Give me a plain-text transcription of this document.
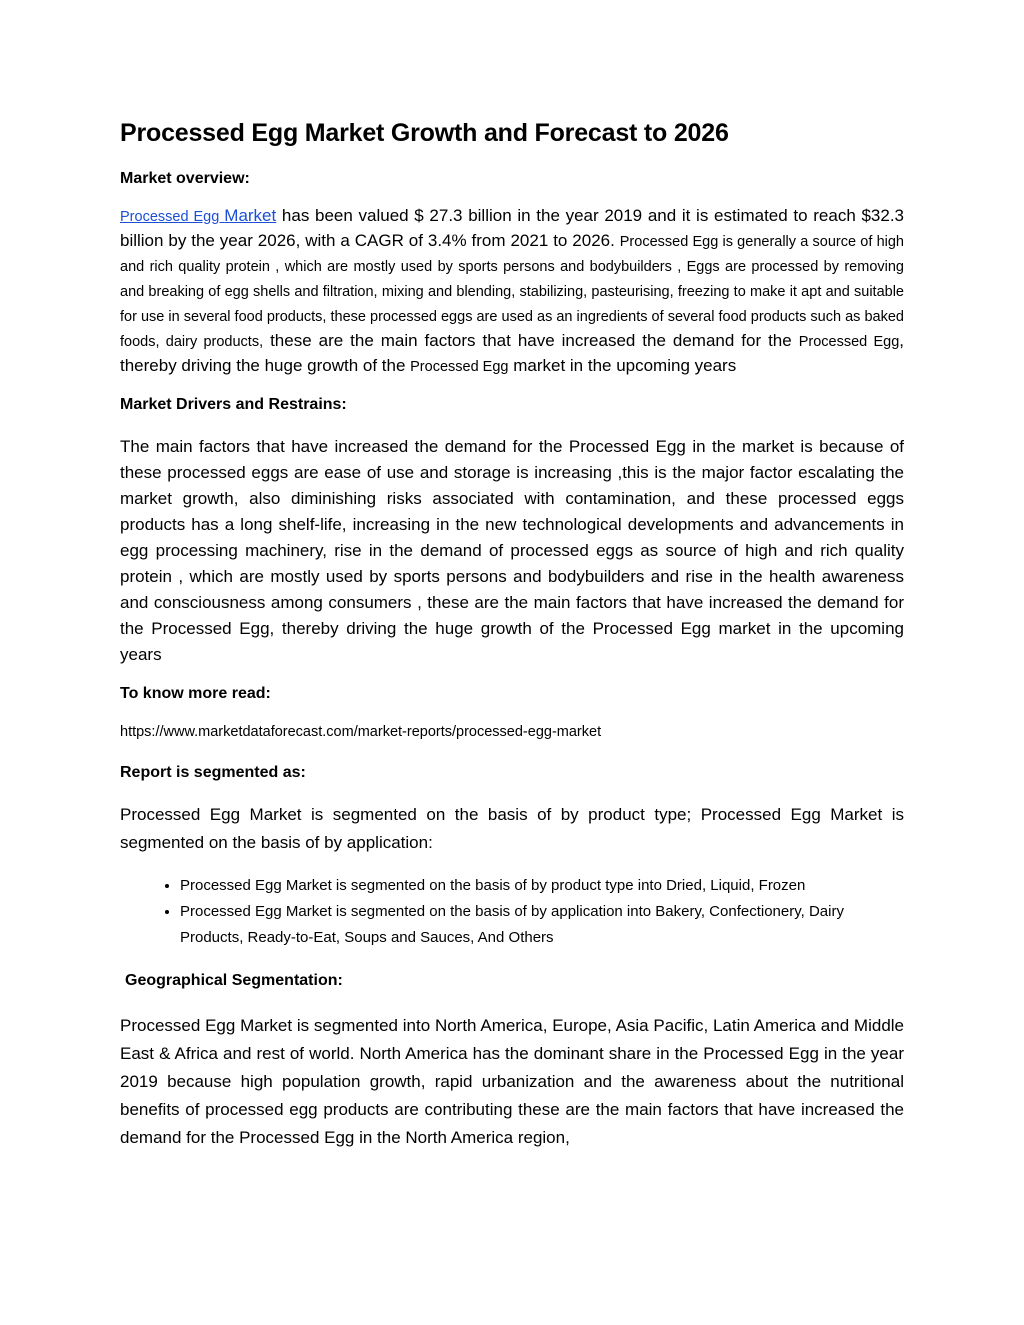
Processed Egg Market Growth and Forecast to 2026
Market overview:

Processed Egg Market has been valued $ 27.3 billion in the year 2019 and it is estimated to reach $32.3 billion by the year 2026, with a CAGR of 3.4% from 2021 to 2026. Processed Egg is generally a source of high and rich quality protein , which are mostly used by sports persons and bodybuilders , Eggs are processed by removing and breaking of egg shells and filtration, mixing and blending, stabilizing, pasteurising, freezing to make it apt and suitable for use in several food products, these processed eggs are used as an ingredients of several food products such as baked foods, dairy products, these are the main factors that have increased the demand for the Processed Egg, thereby driving the huge growth of the Processed Egg market in the upcoming years

Market Drivers and Restrains:

The main factors that have increased the demand for the Processed Egg in the market is because of these processed eggs are ease of use and storage is increasing ,this is the major factor escalating the market growth, also diminishing risks associated with contamination, and these processed eggs products has a long shelf-life, increasing in the new technological developments and advancements in egg processing machinery, rise in the demand of processed eggs as source of high and rich quality protein , which are mostly used by sports persons and bodybuilders and rise in the health awareness and consciousness among consumers , these are the main factors that have increased the demand for the Processed Egg, thereby driving the huge growth of the Processed Egg market in the upcoming years

To know more read:

https://www.marketdataforecast.com/market-reports/processed-egg-market

Report is segmented as:

Processed Egg Market is segmented on the basis of by product type; Processed Egg Market is segmented on the basis of by application:

• Processed Egg Market is segmented on the basis of by product type into Dried, Liquid, Frozen
• Processed Egg Market is segmented on the basis of by application into Bakery, Confectionery, Dairy Products, Ready-to-Eat, Soups and Sauces, And Others
Geographical Segmentation:

Processed Egg Market is segmented into North America, Europe, Asia Pacific, Latin America and Middle East & Africa and rest of world. North America has the dominant share in the Processed Egg in the year 2019 because high population growth, rapid urbanization and the awareness about the nutritional benefits of processed egg products are contributing these are the main factors that have increased the demand for the Processed Egg in the North America region,
